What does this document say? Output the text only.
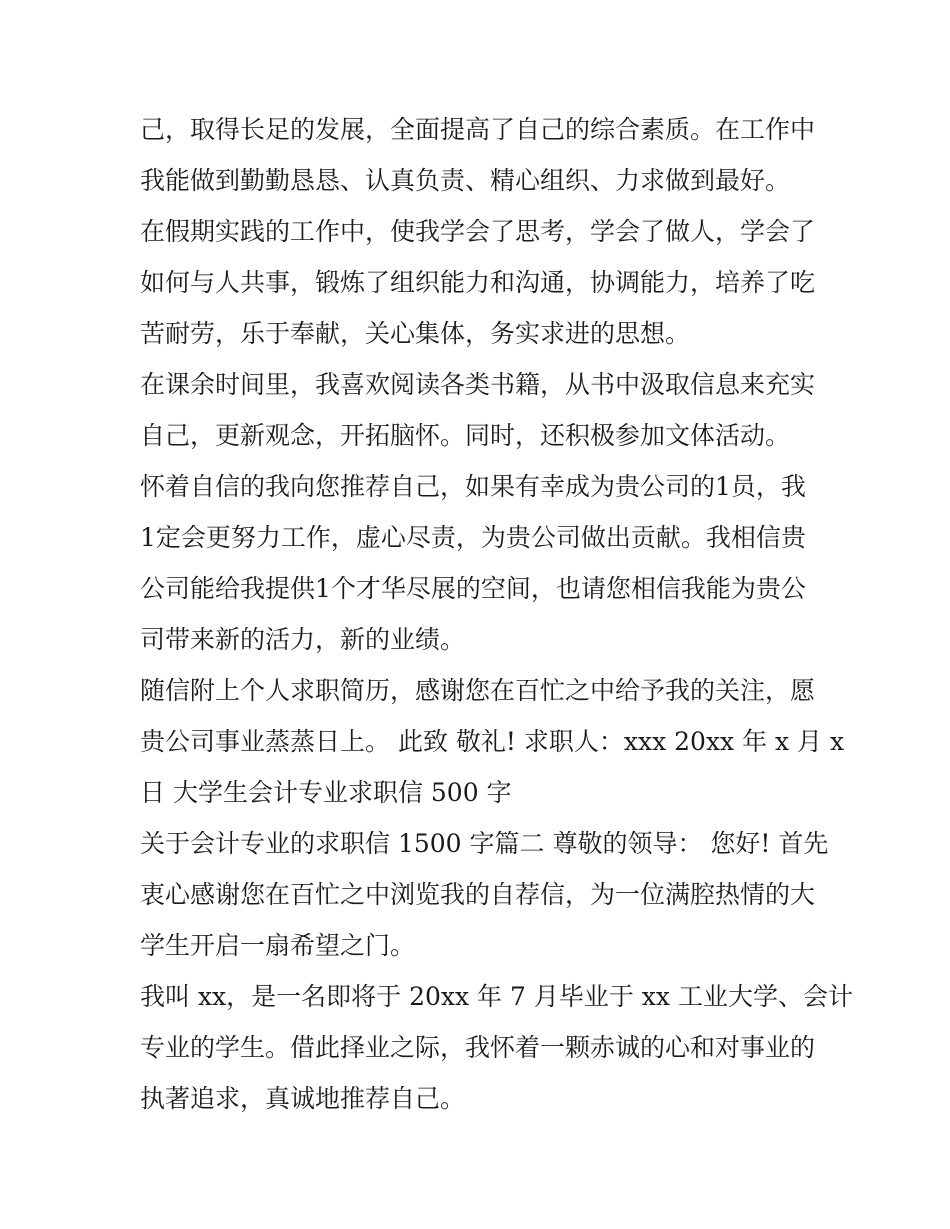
己，取得长足的发展，全面提高了自己的综合素质。在工作中
我能做到勤勤恳恳、认真负责、精心组织、力求做到最好。

在假期实践的工作中，使我学会了思考，学会了做人，学会了
如何与人共事，锻炼了组织能力和沟通，协调能力，培养了吃
苦耐劳，乐于奉献，关心集体，务实求进的思想。

在课余时间里，我喜欢阅读各类书籍，从书中汲取信息来充实
自己，更新观念，开拓脑怀。同时，还积极参加文体活动。

怀着自信的我向您推荐自己，如果有幸成为贵公司的1员，我
1定会更努力工作，虚心尽责，为贵公司做出贡献。我相信贵
公司能给我提供1个才华尽展的空间，也请您相信我能为贵公
司带来新的活力，新的业绩。

随信附上个人求职简历，感谢您在百忙之中给予我的关注，愿
贵公司事业蒸蒸日上。 此致 敬礼! 求职人：xxx 20xx 年 x 月 x
日 大学生会计专业求职信 500 字

关于会计专业的求职信 1500 字篇二 尊敬的领导： 您好! 首先
衷心感谢您在百忙之中浏览我的自荐信，为一位满腔热情的大
学生开启一扇希望之门。

我叫 xx，是一名即将于 20xx 年 7 月毕业于 xx 工业大学、会计
专业的学生。借此择业之际，我怀着一颗赤诚的心和对事业的
执著追求，真诚地推荐自己。
